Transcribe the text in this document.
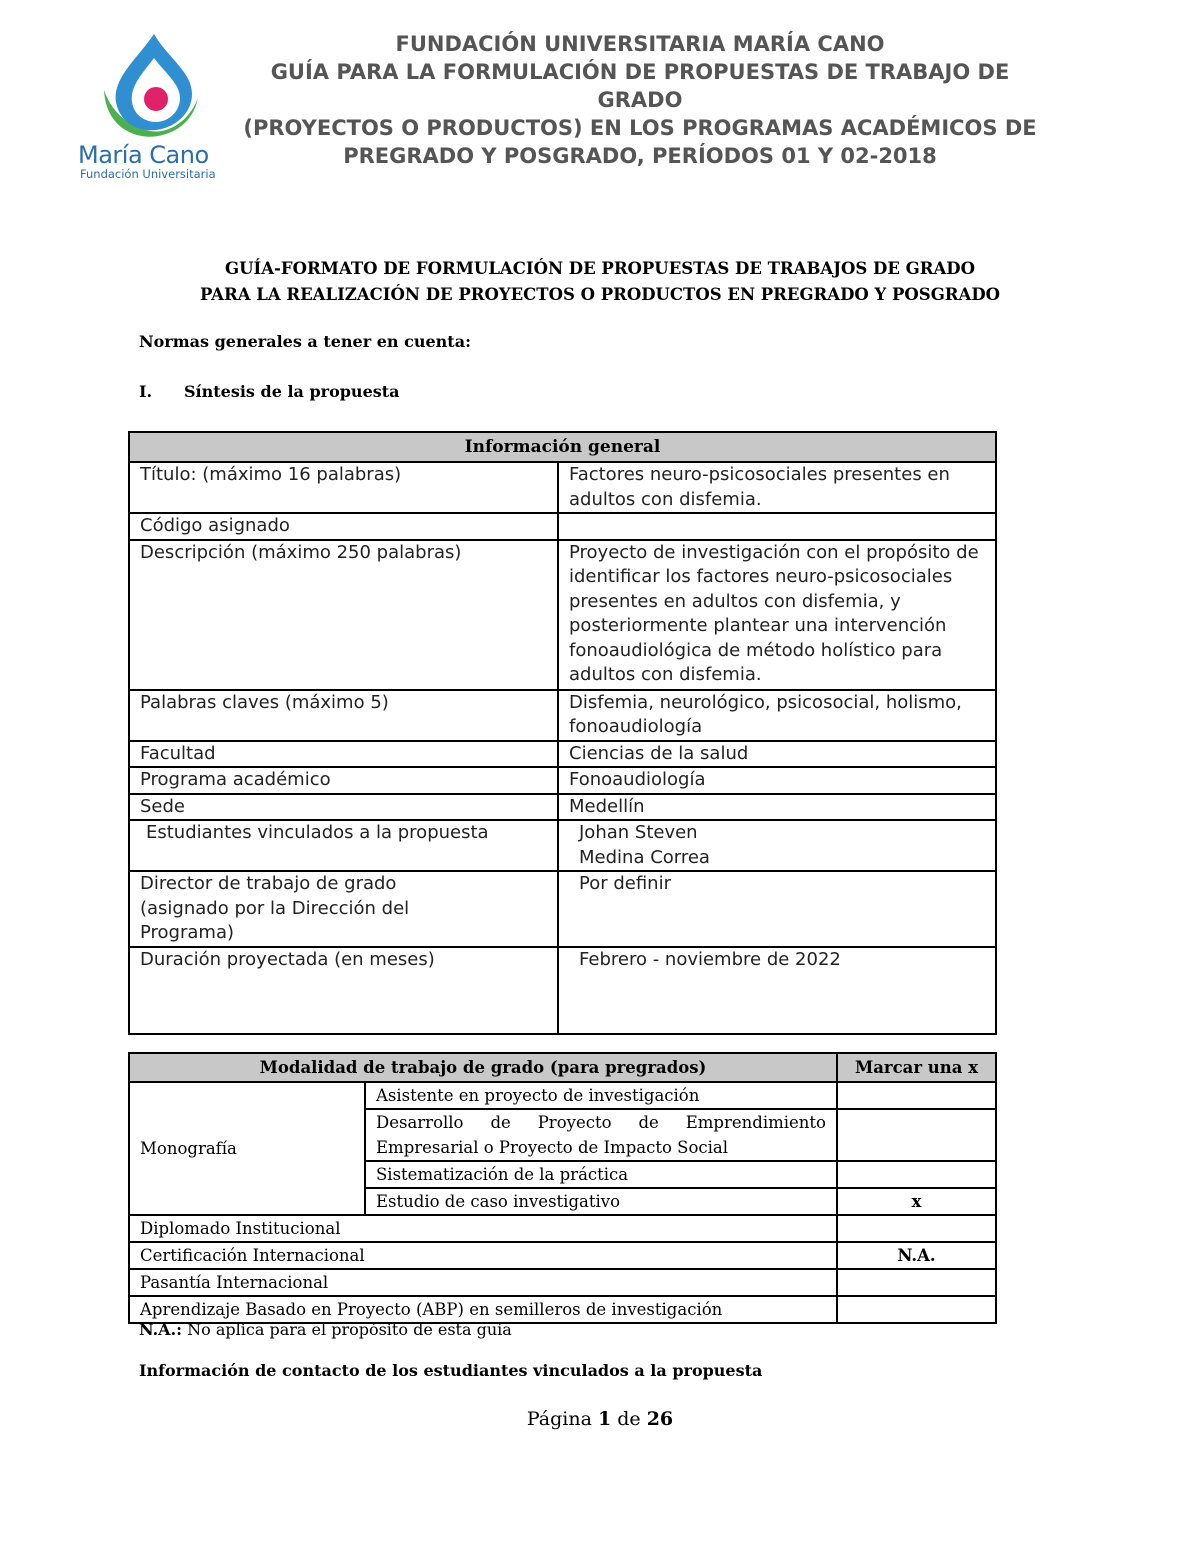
María Cano
Fundación Universitaria
FUNDACIÓN UNIVERSITARIA MARÍA CANO
GUÍA PARA LA FORMULACIÓN DE PROPUESTAS DE TRABAJO DE
GRADO
(PROYECTOS O PRODUCTOS) EN LOS PROGRAMAS ACADÉMICOS DE
PREGRADO Y POSGRADO, PERÍODOS 01 Y 02-2018
GUÍA-FORMATO DE FORMULACIÓN DE PROPUESTAS DE TRABAJOS DE GRADO
PARA LA REALIZACIÓN DE PROYECTOS O PRODUCTOS EN PREGRADO Y POSGRADO
Normas generales a tener en cuenta:
I. Síntesis de la propuesta
Información general	
Título: (máximo 16 palabras)	Factores neuro-psicosociales presentes en adultos con disfemia.
Código asignado	
Descripción (máximo 250 palabras)	Proyecto de investigación con el propósito de identificar los factores neuro-psicosociales presentes en adultos con disfemia, y posteriormente plantear una intervención fonoaudiológica de método holístico para adultos con disfemia.
Palabras claves (máximo 5)	Disfemia, neurológico, psicosocial, holismo, fonoaudiología
Facultad	Ciencias de la salud
Programa académico	Fonoaudiología
Sede	Medellín
Estudiantes vinculados a la propuesta	Johan Steven Medina Correa
Director de trabajo de grado (asignado por la Dirección del Programa)	Por definir
Duración proyectada (en meses)	Febrero - noviembre de 2022
Modalidad de trabajo de grado (para pregrados)		Marcar una x
Monografía	Asistente en proyecto de investigación	
	Desarrollo de Proyecto de Emprendimiento Empresarial o Proyecto de Impacto Social	
	Sistematización de la práctica	
	Estudio de caso investigativo	x
Diplomado Institucional		
Certificación Internacional		N.A.
Pasantía Internacional		
Aprendizaje Basado en Proyecto (ABP) en semilleros de investigación		
N.A.: No aplica para el propósito de esta guía
Información de contacto de los estudiantes vinculados a la propuesta
Página 1 de 26
